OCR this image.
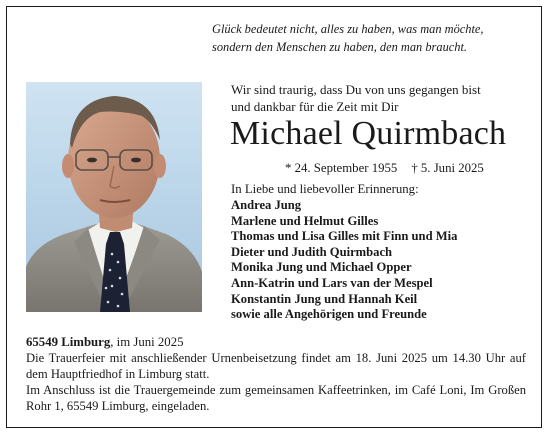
Glück bedeutet nicht, alles zu haben, was man möchte,
sondern den Menschen zu haben, den man braucht.
Wir sind traurig, dass Du von uns gegangen bist
und dankbar für die Zeit mit Dir
Michael Quirmbach
* 24. September 1955 † 5. Juni 2025
In Liebe und liebevoller Erinnerung:
Andrea Jung
Marlene und Helmut Gilles
Thomas und Lisa Gilles mit Finn und Mia
Dieter und Judith Quirmbach
Monika Jung und Michael Opper
Ann-Katrin und Lars van der Mespel
Konstantin Jung und Hannah Keil
sowie alle Angehörigen und Freunde
65549 Limburg, im Juni 2025

Die Trauerfeier mit anschließender Urnenbeisetzung findet am 18. Juni 2025 um 14.30 Uhr auf dem Hauptfriedhof in Limburg statt.

Im Anschluss ist die Trauergemeinde zum gemeinsamen Kaffeetrinken, im Café Loni, Im Großen Rohr 1, 65549 Limburg, eingeladen.
